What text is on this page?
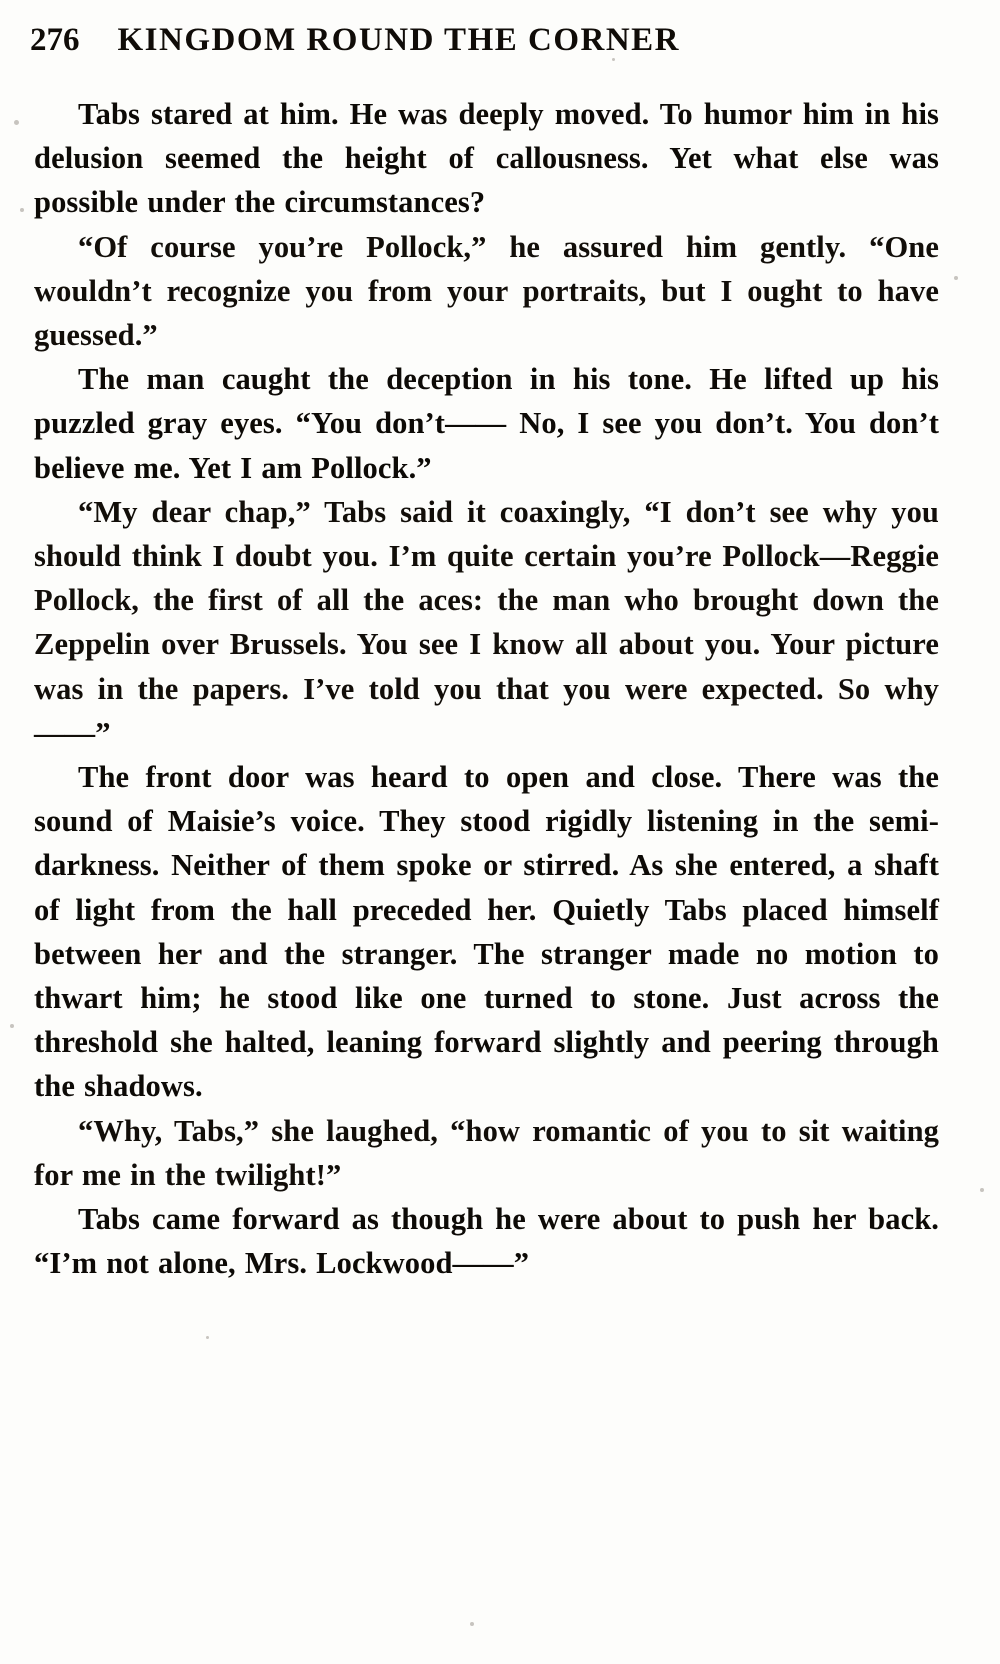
276 KINGDOM ROUND THE CORNER

Tabs stared at him. He was deeply moved. To humor him in his delusion seemed the height of callousness. Yet what else was possible under the circumstances?

“Of course you’re Pollock,” he assured him gently. “One wouldn’t recognize you from your portraits, but I ought to have guessed.”

The man caught the deception in his tone. He lifted up his puzzled gray eyes. “You don’t—— No, I see you don’t. You don’t believe me. Yet I am Pollock.”

“My dear chap,” Tabs said it coaxingly, “I don’t see why you should think I doubt you. I’m quite certain you’re Pollock—Reggie Pollock, the first of all the aces: the man who brought down the Zeppelin over Brussels. You see I know all about you. Your picture was in the papers. I’ve told you that you were expected. So why——”

The front door was heard to open and close. There was the sound of Maisie’s voice. They stood rigidly listening in the semi-darkness. Neither of them spoke or stirred. As she entered, a shaft of light from the hall preceded her. Quietly Tabs placed himself between her and the stranger. The stranger made no motion to thwart him; he stood like one turned to stone. Just across the threshold she halted, leaning forward slightly and peering through the shadows.

“Why, Tabs,” she laughed, “how romantic of you to sit waiting for me in the twilight!”

Tabs came forward as though he were about to push her back. “I’m not alone, Mrs. Lockwood——”
